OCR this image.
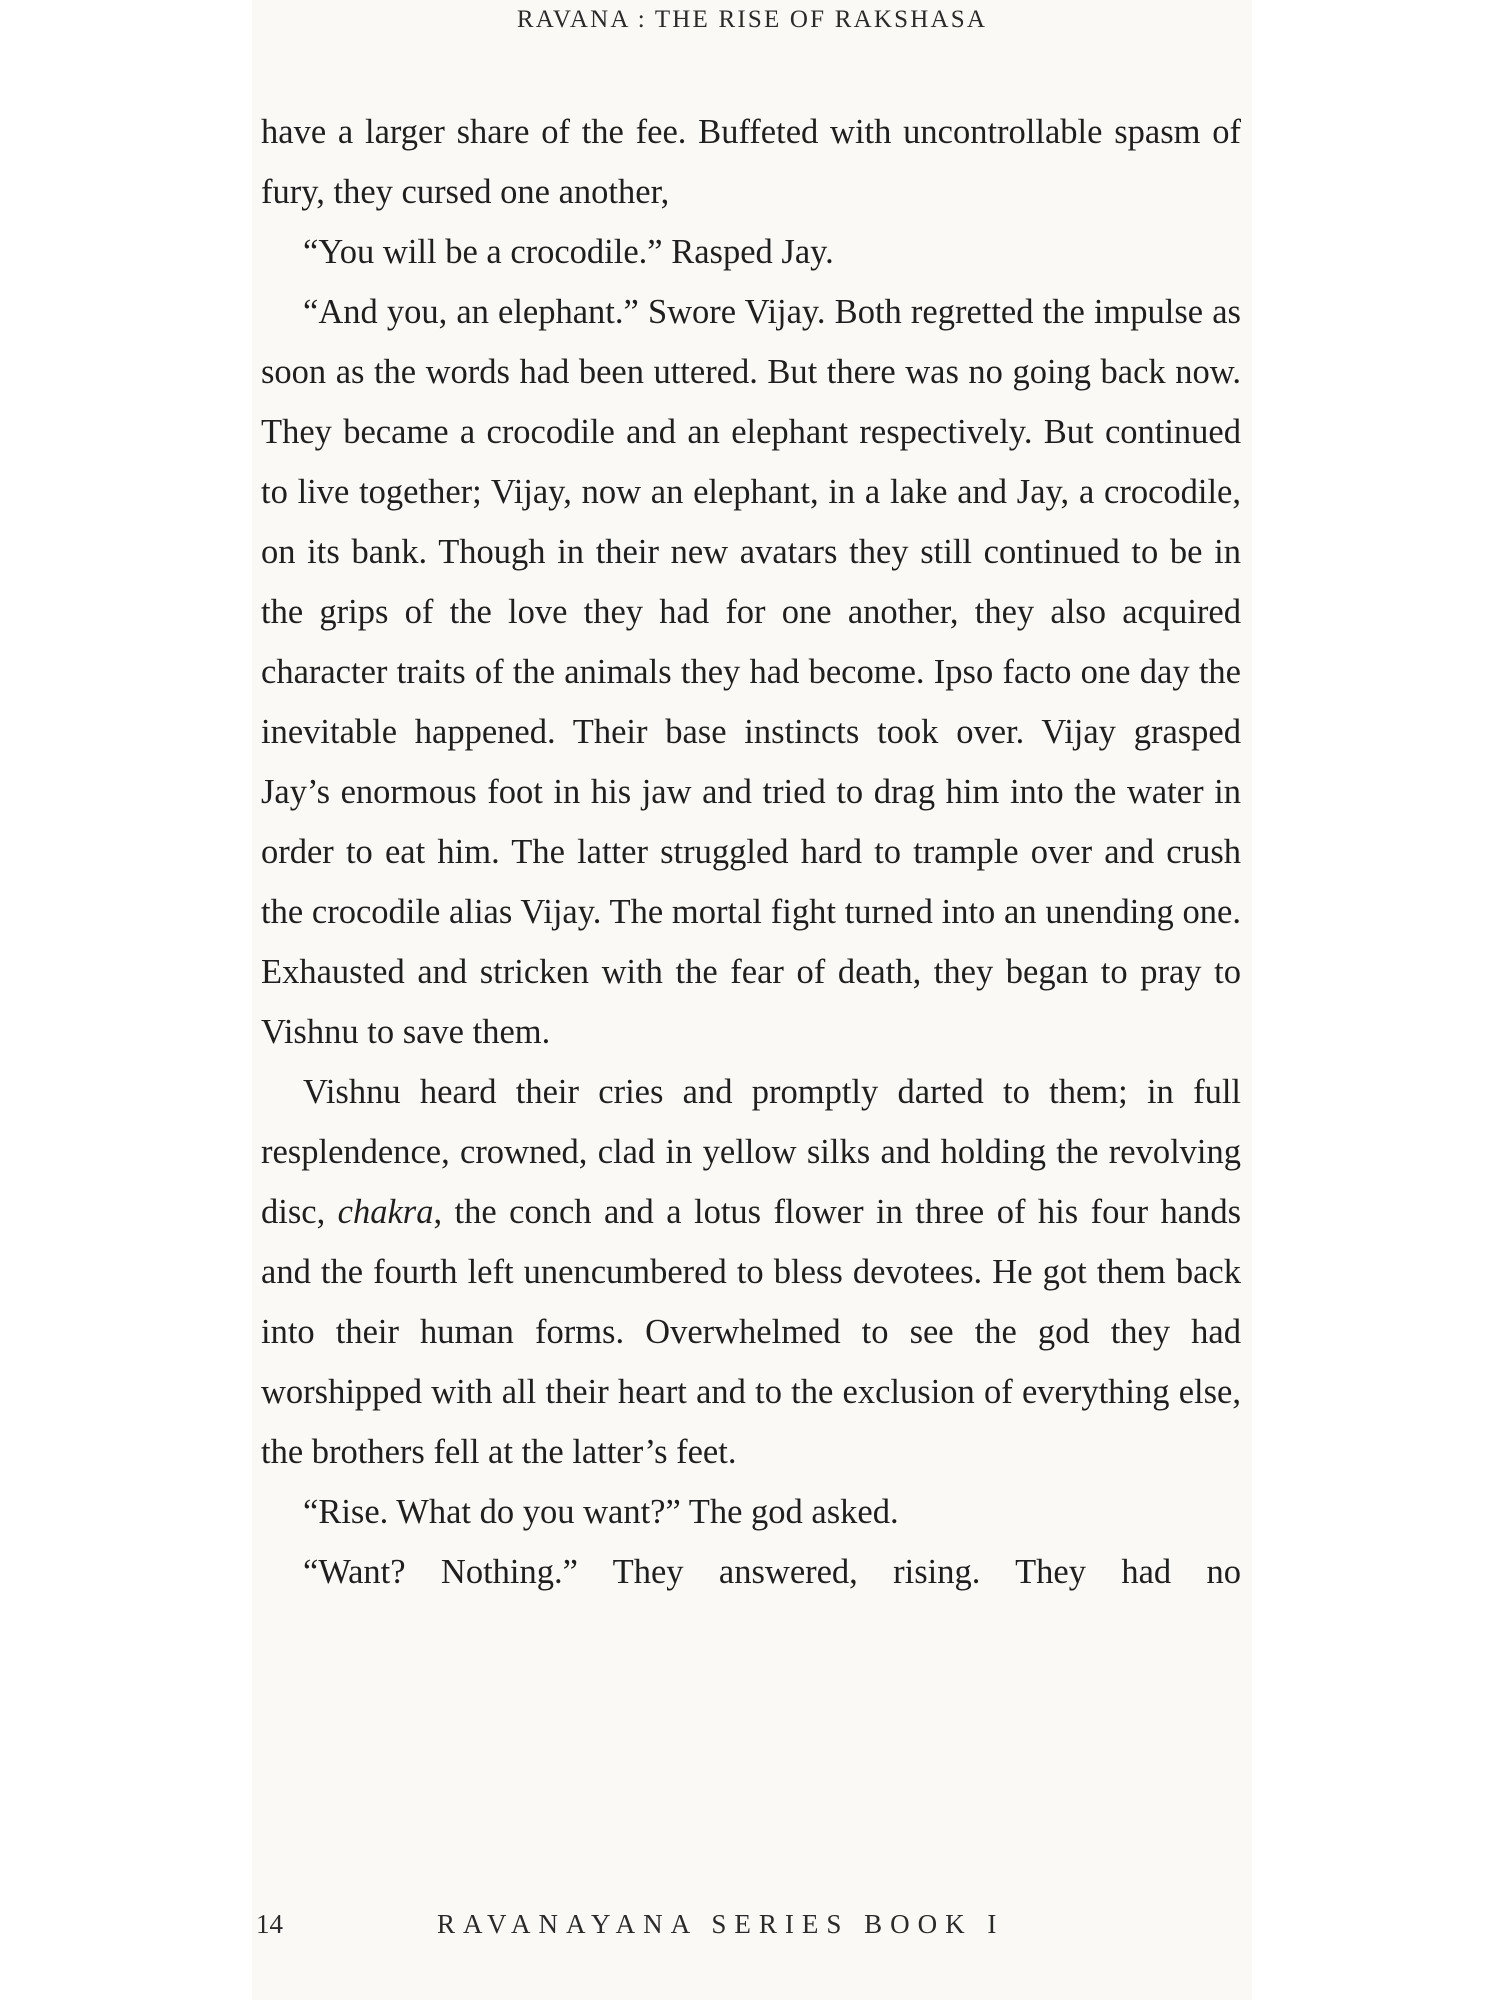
RAVANA : THE RISE OF RAKSHASA

have a larger share of the fee. Buffeted with uncontrollable spasm of fury, they cursed one another,

“You will be a crocodile.” Rasped Jay.

“And you, an elephant.” Swore Vijay. Both regretted the impulse as soon as the words had been uttered. But there was no going back now. They became a crocodile and an elephant respectively. But continued to live together; Vijay, now an elephant, in a lake and Jay, a crocodile, on its bank. Though in their new avatars they still continued to be in the grips of the love they had for one another, they also acquired character traits of the animals they had become. Ipso facto one day the inevitable happened. Their base instincts took over. Vijay grasped Jay’s enormous foot in his jaw and tried to drag him into the water in order to eat him. The latter struggled hard to trample over and crush the crocodile alias Vijay. The mortal fight turned into an unending one. Exhausted and stricken with the fear of death, they began to pray to Vishnu to save them.

Vishnu heard their cries and promptly darted to them; in full resplendence, crowned, clad in yellow silks and holding the revolving disc, chakra, the conch and a lotus flower in three of his four hands and the fourth left unencumbered to bless devotees. He got them back into their human forms. Overwhelmed to see the god they had worshipped with all their heart and to the exclusion of everything else, the brothers fell at the latter’s feet.

“Rise. What do you want?” The god asked.

“Want? Nothing.” They answered, rising. They had no

14	RAVANAYANA SERIES BOOK I
